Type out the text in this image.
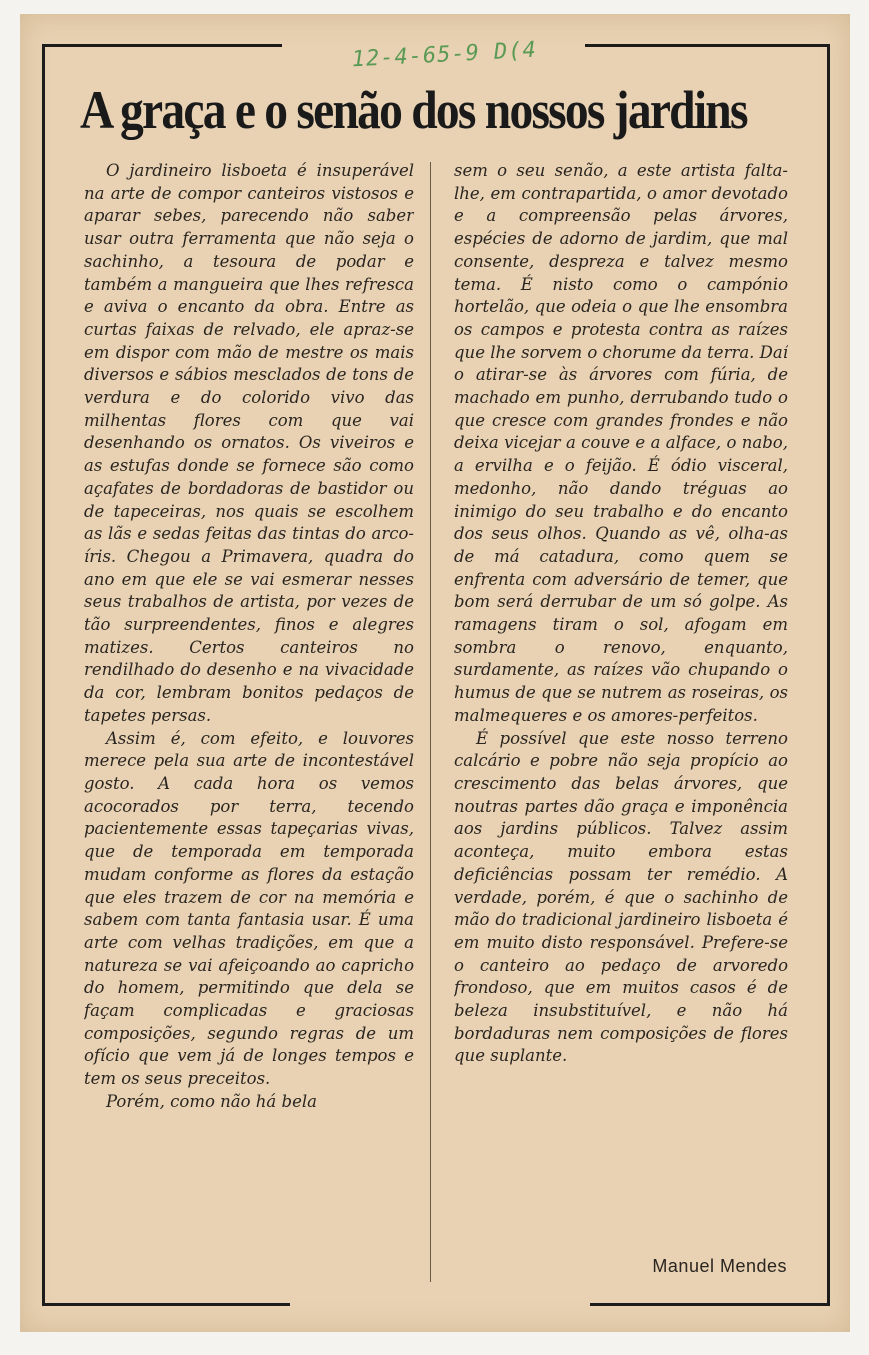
12-4-65-9 D(4
A graça e o senão dos nossos jardins

O jardineiro lisboeta é insuperável na arte de compor canteiros vistosos e aparar sebes, parecendo não saber usar outra ferramenta que não seja o sachinho, a tesoura de podar e também a mangueira que lhes refresca e aviva o encanto da obra. Entre as curtas faixas de relvado, ele apraz-se em dispor com mão de mestre os mais diversos e sábios mesclados de tons de verdura e do colorido vivo das milhentas flores com que vai desenhando os ornatos. Os viveiros e as estufas donde se fornece são como açafates de bordadoras de bastidor ou de tapeceiras, nos quais se escolhem as lãs e sedas feitas das tintas do arco-íris. Chegou a Primavera, quadra do ano em que ele se vai esmerar nesses seus trabalhos de artista, por vezes de tão surpreendentes, finos e alegres matizes. Certos canteiros no rendilhado do desenho e na vivacidade da cor, lembram bonitos pedaços de tapetes persas.

Assim é, com efeito, e louvores merece pela sua arte de incontestável gosto. A cada hora os vemos acocorados por terra, tecendo pacientemente essas tapeçarias vivas, que de temporada em temporada mudam conforme as flores da estação que eles trazem de cor na memória e sabem com tanta fantasia usar. É uma arte com velhas tradições, em que a natureza se vai afeiçoando ao capricho do homem, permitindo que dela se façam complicadas e graciosas composições, segundo regras de um ofício que vem já de longes tempos e tem os seus preceitos.

Porém, como não há bela

sem o seu senão, a este artista falta-lhe, em contrapartida, o amor devotado e a compreensão pelas árvores, espécies de adorno de jardim, que mal consente, despreza e talvez mesmo tema. É nisto como o campónio hortelão, que odeia o que lhe ensombra os campos e protesta contra as raízes que lhe sorvem o chorume da terra. Daí o atirar-se às árvores com fúria, de machado em punho, derrubando tudo o que cresce com grandes frondes e não deixa vicejar a couve e a alface, o nabo, a ervilha e o feijão. É ódio visceral, medonho, não dando tréguas ao inimigo do seu trabalho e do encanto dos seus olhos. Quando as vê, olha-as de má catadura, como quem se enfrenta com adversário de temer, que bom será derrubar de um só golpe. As ramagens tiram o sol, afogam em sombra o renovo, enquanto, surdamente, as raízes vão chupando o humus de que se nutrem as roseiras, os malmequeres e os amores-perfeitos.

É possível que este nosso terreno calcário e pobre não seja propício ao crescimento das belas árvores, que noutras partes dão graça e imponência aos jardins públicos. Talvez assim aconteça, muito embora estas deficiências possam ter remédio. A verdade, porém, é que o sachinho de mão do tradicional jardineiro lisboeta é em muito disto responsável. Prefere-se o canteiro ao pedaço de arvoredo frondoso, que em muitos casos é de beleza insubstituível, e não há bordaduras nem composições de flores que suplante.

Manuel Mendes
